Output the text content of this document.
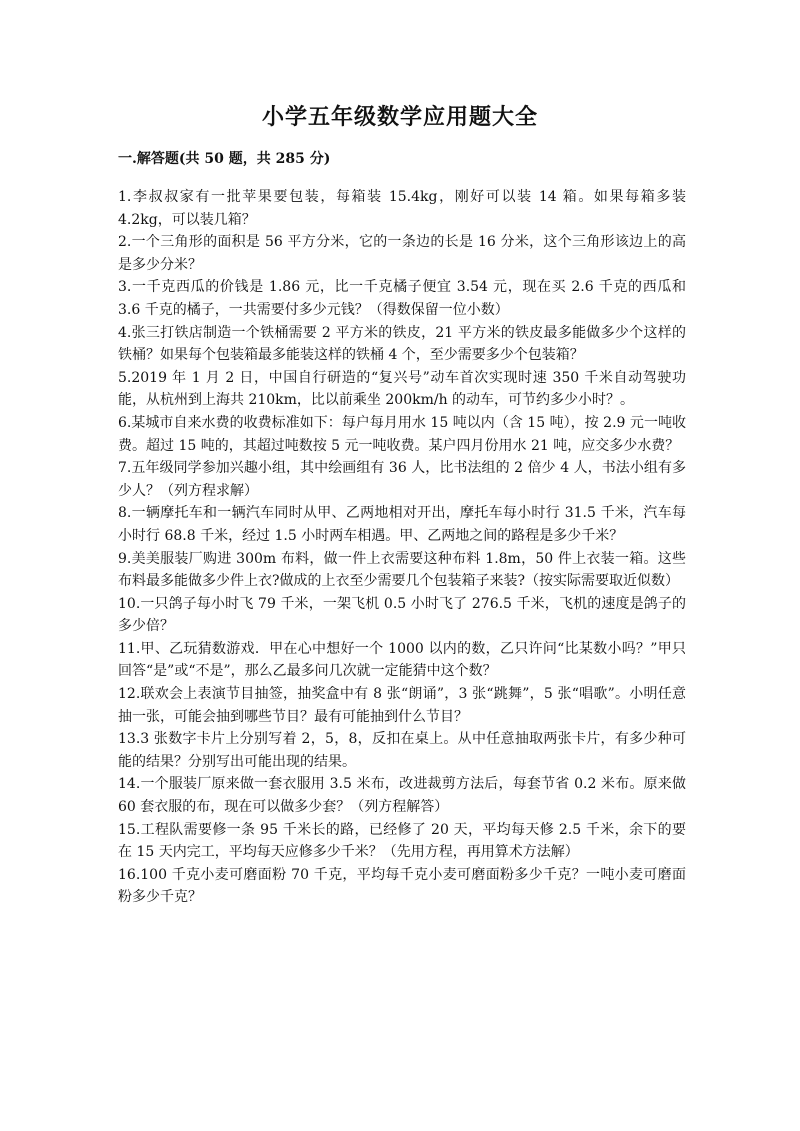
小学五年级数学应用题大全
一.解答题(共 50 题，共 285 分)

1.李叔叔家有一批苹果要包装，每箱装 15.4kg，刚好可以装 14 箱。如果每箱多装 4.2kg，可以装几箱？

2.一个三角形的面积是 56 平方分米，它的一条边的长是 16 分米，这个三角形该边上的高是多少分米？

3.一千克西瓜的价钱是 1.86 元，比一千克橘子便宜 3.54 元，现在买 2.6 千克的西瓜和 3.6 千克的橘子，一共需要付多少元钱？（得数保留一位小数）

4.张三打铁店制造一个铁桶需要 2 平方米的铁皮，21 平方米的铁皮最多能做多少个这样的铁桶？如果每个包装箱最多能装这样的铁桶 4 个，至少需要多少个包装箱？

5.2019 年 1 月 2 日，中国自行研造的“复兴号”动车首次实现时速 350 千米自动驾驶功能，从杭州到上海共 210km，比以前乘坐 200km/h 的动车，可节约多少小时？。

6.某城市自来水费的收费标准如下：每户每月用水 15 吨以内（含 15 吨），按 2.9 元一吨收费。超过 15 吨的，其超过吨数按 5 元一吨收费。某户四月份用水 21 吨，应交多少水费？

7.五年级同学参加兴趣小组，其中绘画组有 36 人，比书法组的 2 倍少 4 人，书法小组有多少人？（列方程求解）

8.一辆摩托车和一辆汽车同时从甲、乙两地相对开出，摩托车每小时行 31.5 千米，汽车每小时行 68.8 千米，经过 1.5 小时两车相遇。甲、乙两地之间的路程是多少千米？

9.美美服装厂购进 300m 布料，做一件上衣需要这种布料 1.8m，50 件上衣装一箱。这些布料最多能做多少件上衣?做成的上衣至少需要几个包装箱子来装?（按实际需要取近似数）

10.一只鸽子每小时飞 79 千米，一架飞机 0.5 小时飞了 276.5 千米，飞机的速度是鸽子的多少倍？

11.甲、乙玩猜数游戏．甲在心中想好一个 1000 以内的数，乙只许问“比某数小吗？”甲只回答“是”或“不是”，那么乙最多问几次就一定能猜中这个数？

12.联欢会上表演节目抽签，抽奖盒中有 8 张“朗诵”，3 张“跳舞”，5 张“唱歌”。小明任意抽一张，可能会抽到哪些节目？最有可能抽到什么节目？

13.3 张数字卡片上分别写着 2，5，8，反扣在桌上。从中任意抽取两张卡片，有多少种可能的结果？分别写出可能出现的结果。

14.一个服装厂原来做一套衣服用 3.5 米布，改进裁剪方法后，每套节省 0.2 米布。原来做 60 套衣服的布，现在可以做多少套？（列方程解答）

15.工程队需要修一条 95 千米长的路，已经修了 20 天，平均每天修 2.5 千米，余下的要在 15 天内完工，平均每天应修多少千米？（先用方程，再用算术方法解）

16.100 千克小麦可磨面粉 70 千克，平均每千克小麦可磨面粉多少千克？一吨小麦可磨面粉多少千克？
